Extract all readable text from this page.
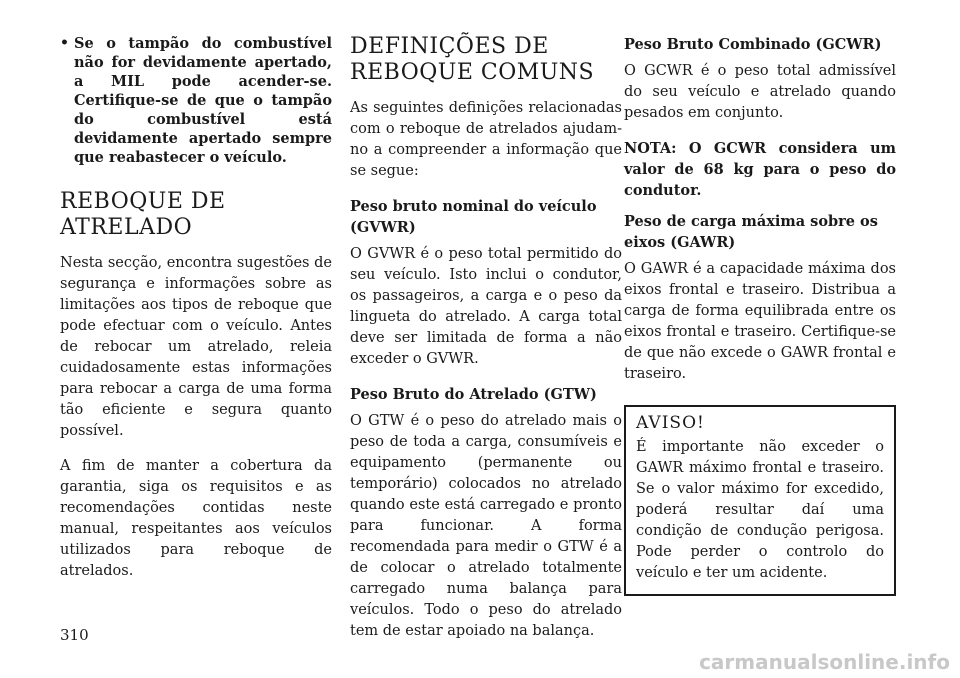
• Se o tampão do combustível não for devidamente apertado, a MIL pode acender-se. Certifique-se de que o tampão do combustível está devidamente apertado sempre que reabastecer o veículo.

REBOQUE DE ATRELADO

Nesta secção, encontra sugestões de segurança e informações sobre as limitações aos tipos de reboque que pode efectuar com o veículo. Antes de rebocar um atrelado, releia cuidadosamente estas informações para rebocar a carga de uma forma tão eficiente e segura quanto possível.

A fim de manter a cobertura da garantia, siga os requisitos e as recomendações contidas neste manual, respeitantes aos veículos utilizados para reboque de atrelados.

DEFINIÇÕES DE REBOQUE COMUNS

As seguintes definições relacionadas com o reboque de atrelados ajudam-no a compreender a informação que se segue:

Peso bruto nominal do veículo (GVWR)

O GVWR é o peso total permitido do seu veículo. Isto inclui o condutor, os passageiros, a carga e o peso da lingueta do atrelado. A carga total deve ser limitada de forma a não exceder o GVWR.

Peso Bruto do Atrelado (GTW)

O GTW é o peso do atrelado mais o peso de toda a carga, consumíveis e equipamento (permanente ou temporário) colocados no atrelado quando este está carregado e pronto para funcionar. A forma recomendada para medir o GTW é a de colocar o atrelado totalmente carregado numa balança para veículos. Todo o peso do atrelado tem de estar apoiado na balança.

Peso Bruto Combinado (GCWR)

O GCWR é o peso total admissível do seu veículo e atrelado quando pesados em conjunto.

NOTA: O GCWR considera um valor de 68 kg para o peso do condutor.

Peso de carga máxima sobre os eixos (GAWR)

O GAWR é a capacidade máxima dos eixos frontal e traseiro. Distribua a carga de forma equilibrada entre os eixos frontal e traseiro. Certifique-se de que não excede o GAWR frontal e traseiro.

AVISO!

É importante não exceder o GAWR máximo frontal e traseiro. Se o valor máximo for excedido, poderá resultar daí uma condição de condução perigosa. Pode perder o controlo do veículo e ter um acidente.

310
carmanualsonline.info
